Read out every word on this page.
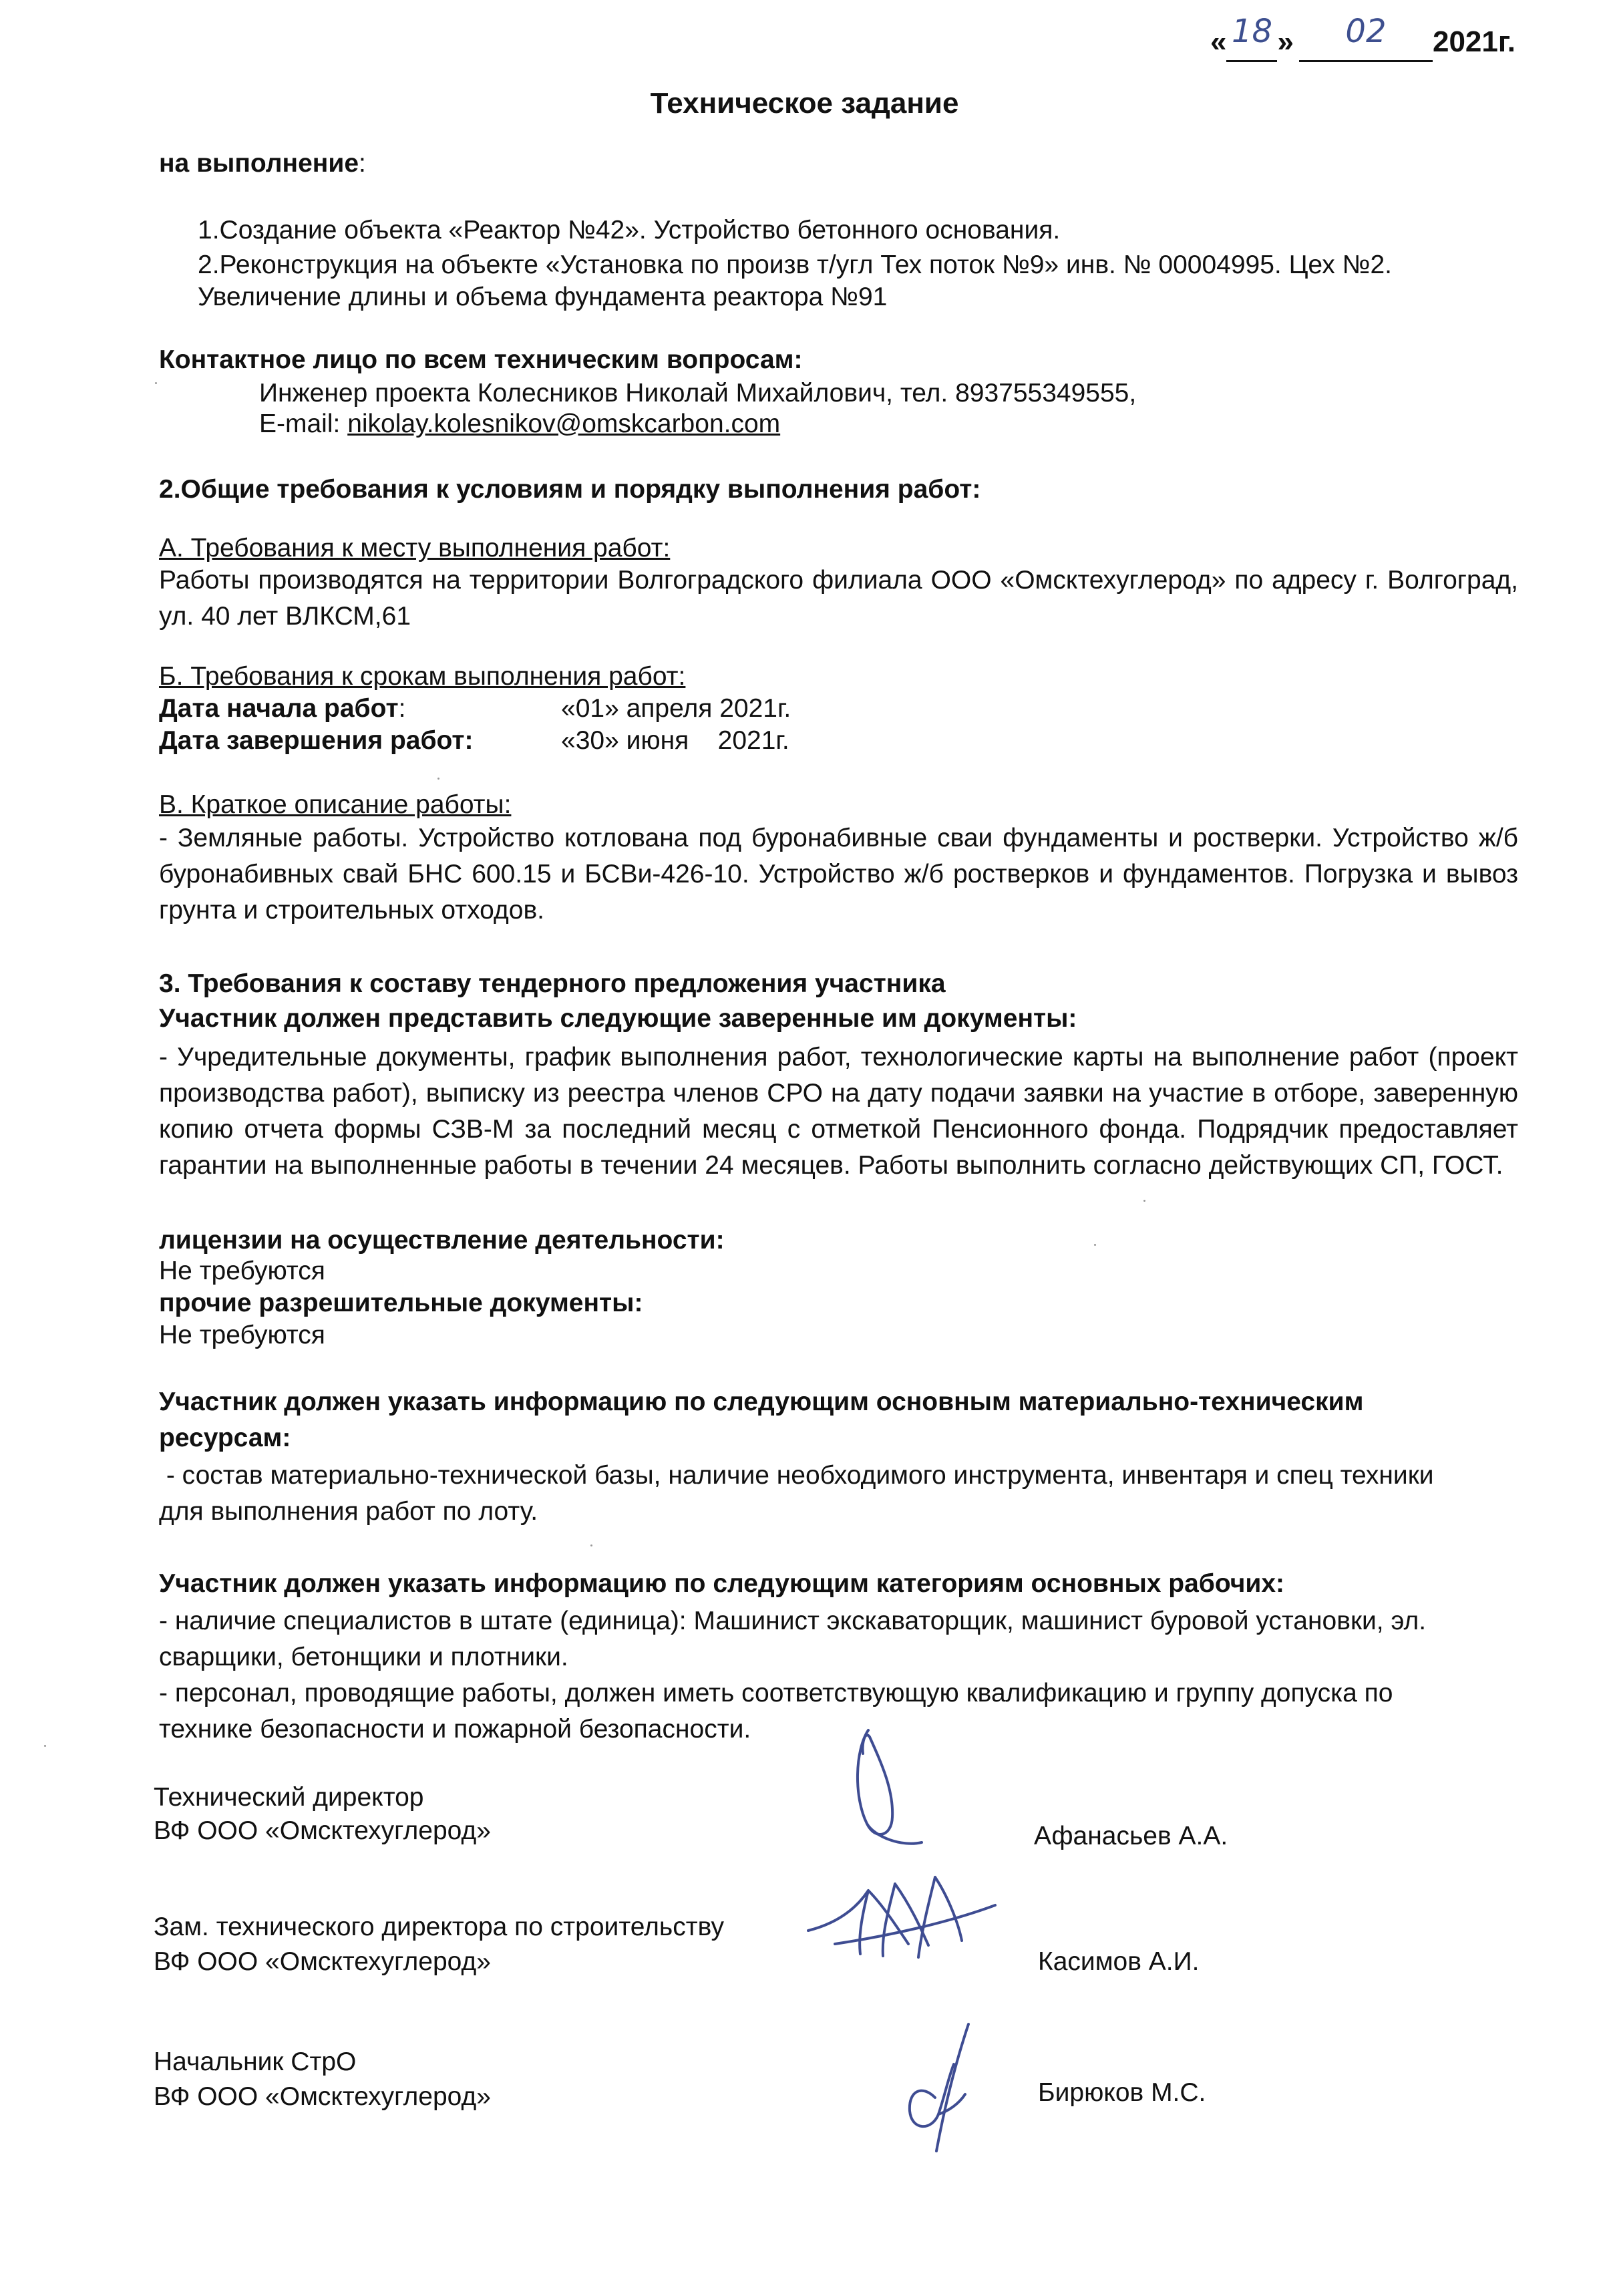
« 18 » 02 2021г.
Техническое задание
на выполнение:
1.Создание объекта «Реактор №42». Устройство бетонного основания.
2.Реконструкция на объекте «Установка по произв т/угл Тех поток №9» инв. № 00004995. Цех №2.
Увеличение длины и объема фундамента реактора №91
Контактное лицо по всем техническим вопросам:
Инженер проекта Колесников Николай Михайлович, тел. 893755349555,
E-mail: nikolay.kolesnikov@omskcarbon.com
2.Общие требования к условиям и порядку выполнения работ:
А. Требования к месту выполнения работ:
Работы производятся на территории Волгоградского филиала ООО «Омсктехуглерод» по адресу г. Волгоград, ул. 40 лет ВЛКСМ,61
Б. Требования к срокам выполнения работ:
Дата начала работ:	«01» апреля 2021г.
Дата завершения работ:	«30» июня    2021г.
В. Краткое описание работы:
- Земляные работы. Устройство котлована под буронабивные сваи фундаменты и ростверки. Устройство ж/б буронабивных свай БНС 600.15 и БСВи-426-10. Устройство ж/б ростверков и фундаментов. Погрузка и вывоз грунта и строительных отходов.
3. Требования к составу тендерного предложения участника
Участник должен представить следующие заверенные им документы:
- Учредительные документы, график выполнения работ, технологические карты на выполнение работ (проект производства работ), выписку из реестра членов СРО на дату подачи заявки на участие в отборе, заверенную копию отчета формы СЗВ-М за последний месяц с отметкой Пенсионного фонда. Подрядчик предоставляет гарантии на выполненные работы в течении 24 месяцев. Работы выполнить согласно действующих СП, ГОСТ.
лицензии на осуществление деятельности:
Не требуются
прочие разрешительные документы:
Не требуются
Участник должен указать информацию по следующим основным материально-техническим ресурсам:
- состав материально-технической базы, наличие необходимого инструмента, инвентаря и спец техники для выполнения работ по лоту.
Участник должен указать информацию по следующим категориям основных рабочих:
- наличие специалистов в штате (единица): Машинист экскаваторщик, машинист буровой установки, эл. сварщики, бетонщики и плотники.
- персонал, проводящие работы, должен иметь соответствующую квалификацию и группу допуска по технике безопасности и пожарной безопасности.
Технический директор
ВФ ООО «Омсктехуглерод»	Афанасьев А.А.
Зам. технического директора по строительству
ВФ ООО «Омсктехуглерод»	Касимов А.И.
Начальник СтрО
ВФ ООО «Омсктехуглерод»	Бирюков М.С.
